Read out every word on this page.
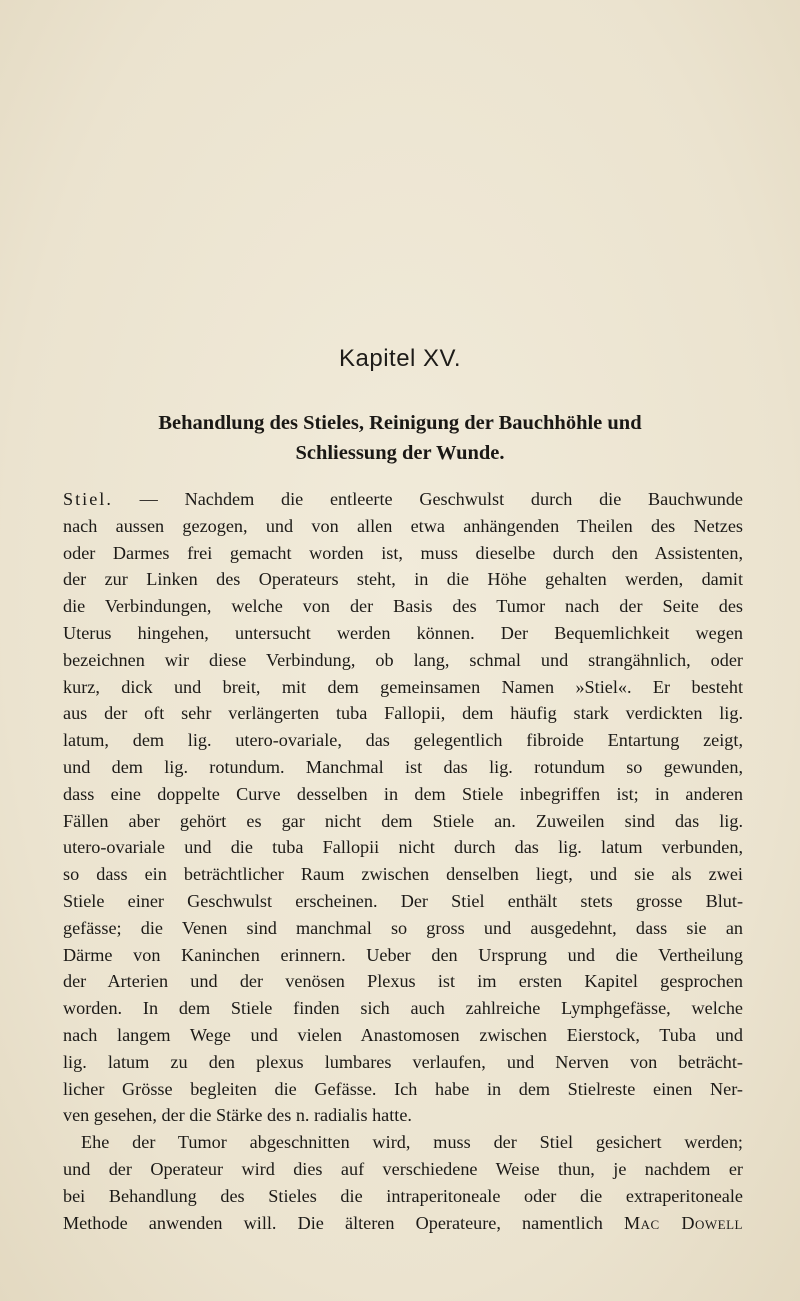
Kapitel XV.
Behandlung des Stieles, Reinigung der Bauchhöhle und
Schliessung der Wunde.
Stiel. — Nachdem die entleerte Geschwulst durch die Bauchwunde
nach aussen gezogen, und von allen etwa anhängenden Theilen des Netzes
oder Darmes frei gemacht worden ist, muss dieselbe durch den Assistenten,
der zur Linken des Operateurs steht, in die Höhe gehalten werden, damit
die Verbindungen, welche von der Basis des Tumor nach der Seite des
Uterus hingehen, untersucht werden können. Der Bequemlichkeit wegen
bezeichnen wir diese Verbindung, ob lang, schmal und strangähnlich, oder
kurz, dick und breit, mit dem gemeinsamen Namen »Stiel«. Er besteht
aus der oft sehr verlängerten tuba Fallopii, dem häufig stark verdickten lig.
latum, dem lig. utero-ovariale, das gelegentlich fibroide Entartung zeigt,
und dem lig. rotundum. Manchmal ist das lig. rotundum so gewunden,
dass eine doppelte Curve desselben in dem Stiele inbegriffen ist; in anderen
Fällen aber gehört es gar nicht dem Stiele an. Zuweilen sind das lig.
utero-ovariale und die tuba Fallopii nicht durch das lig. latum verbunden,
so dass ein beträchtlicher Raum zwischen denselben liegt, und sie als zwei
Stiele einer Geschwulst erscheinen. Der Stiel enthält stets grosse Blut-
gefässe; die Venen sind manchmal so gross und ausgedehnt, dass sie an
Därme von Kaninchen erinnern. Ueber den Ursprung und die Vertheilung
der Arterien und der venösen Plexus ist im ersten Kapitel gesprochen
worden. In dem Stiele finden sich auch zahlreiche Lymphgefässe, welche
nach langem Wege und vielen Anastomosen zwischen Eierstock, Tuba und
lig. latum zu den plexus lumbares verlaufen, und Nerven von beträcht-
licher Grösse begleiten die Gefässe. Ich habe in dem Stielreste einen Ner-
ven gesehen, der die Stärke des n. radialis hatte.
Ehe der Tumor abgeschnitten wird, muss der Stiel gesichert werden;
und der Operateur wird dies auf verschiedene Weise thun, je nachdem er
bei Behandlung des Stieles die intraperitoneale oder die extraperitoneale
Methode anwenden will. Die älteren Operateure, namentlich Mac Dowell
